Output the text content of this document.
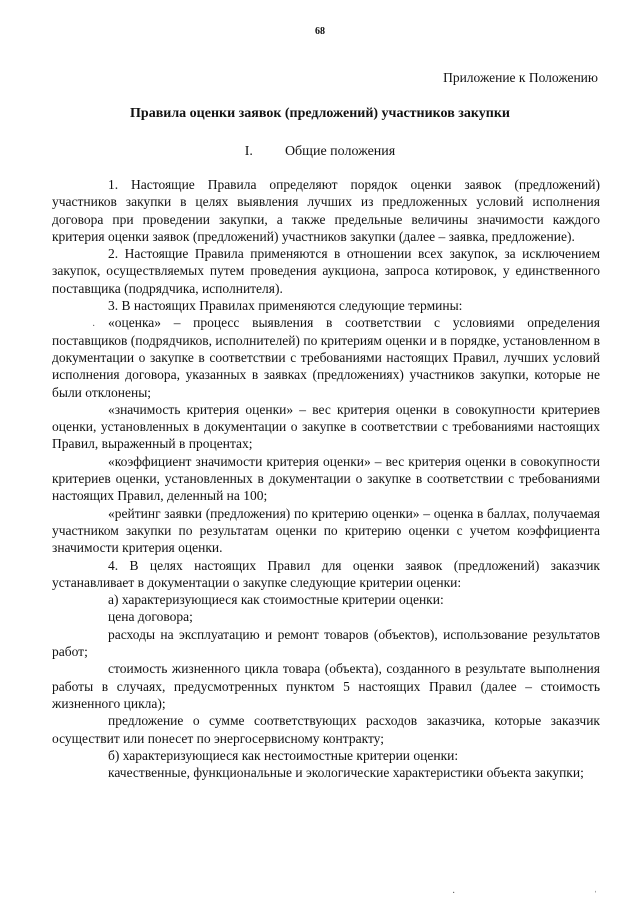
68
Приложение к Положению
Правила оценки заявок (предложений) участников закупки
I. Общие положения

1. Настоящие Правила определяют порядок оценки заявок (предложений) участников закупки в целях выявления лучших из предложенных условий исполнения договора при проведении закупки, а также предельные величины значимости каждого критерия оценки заявок (предложений) участников закупки (далее – заявка, предложение).

2. Настоящие Правила применяются в отношении всех закупок, за исключением закупок, осуществляемых путем проведения аукциона, запроса котировок, у единственного поставщика (подрядчика, исполнителя).

3. В настоящих Правилах применяются следующие термины:

«оценка» – процесс выявления в соответствии с условиями определения поставщиков (подрядчиков, исполнителей) по критериям оценки и в порядке, установленном в документации о закупке в соответствии с требованиями настоящих Правил, лучших условий исполнения договора, указанных в заявках (предложениях) участников закупки, которые не были отклонены;

«значимость критерия оценки» – вес критерия оценки в совокупности критериев оценки, установленных в документации о закупке в соответствии с требованиями настоящих Правил, выраженный в процентах;

«коэффициент значимости критерия оценки» – вес критерия оценки в совокупности критериев оценки, установленных в документации о закупке в соответствии с требованиями настоящих Правил, деленный на 100;

«рейтинг заявки (предложения) по критерию оценки» – оценка в баллах, получаемая участником закупки по результатам оценки по критерию оценки с учетом коэффициента значимости критерия оценки.

4. В целях настоящих Правил для оценки заявок (предложений) заказчик устанавливает в документации о закупке следующие критерии оценки:

а) характеризующиеся как стоимостные критерии оценки:

цена договора;

расходы на эксплуатацию и ремонт товаров (объектов), использование результатов работ;

стоимость жизненного цикла товара (объекта), созданного в результате выполнения работы в случаях, предусмотренных пунктом 5 настоящих Правил (далее – стоимость жизненного цикла);

предложение о сумме соответствующих расходов заказчика, которые заказчик осуществит или понесет по энергосервисному контракту;

б) характеризующиеся как нестоимостные критерии оценки:

качественные, функциональные и экологические характеристики объекта закупки;

·
·	ˈ
